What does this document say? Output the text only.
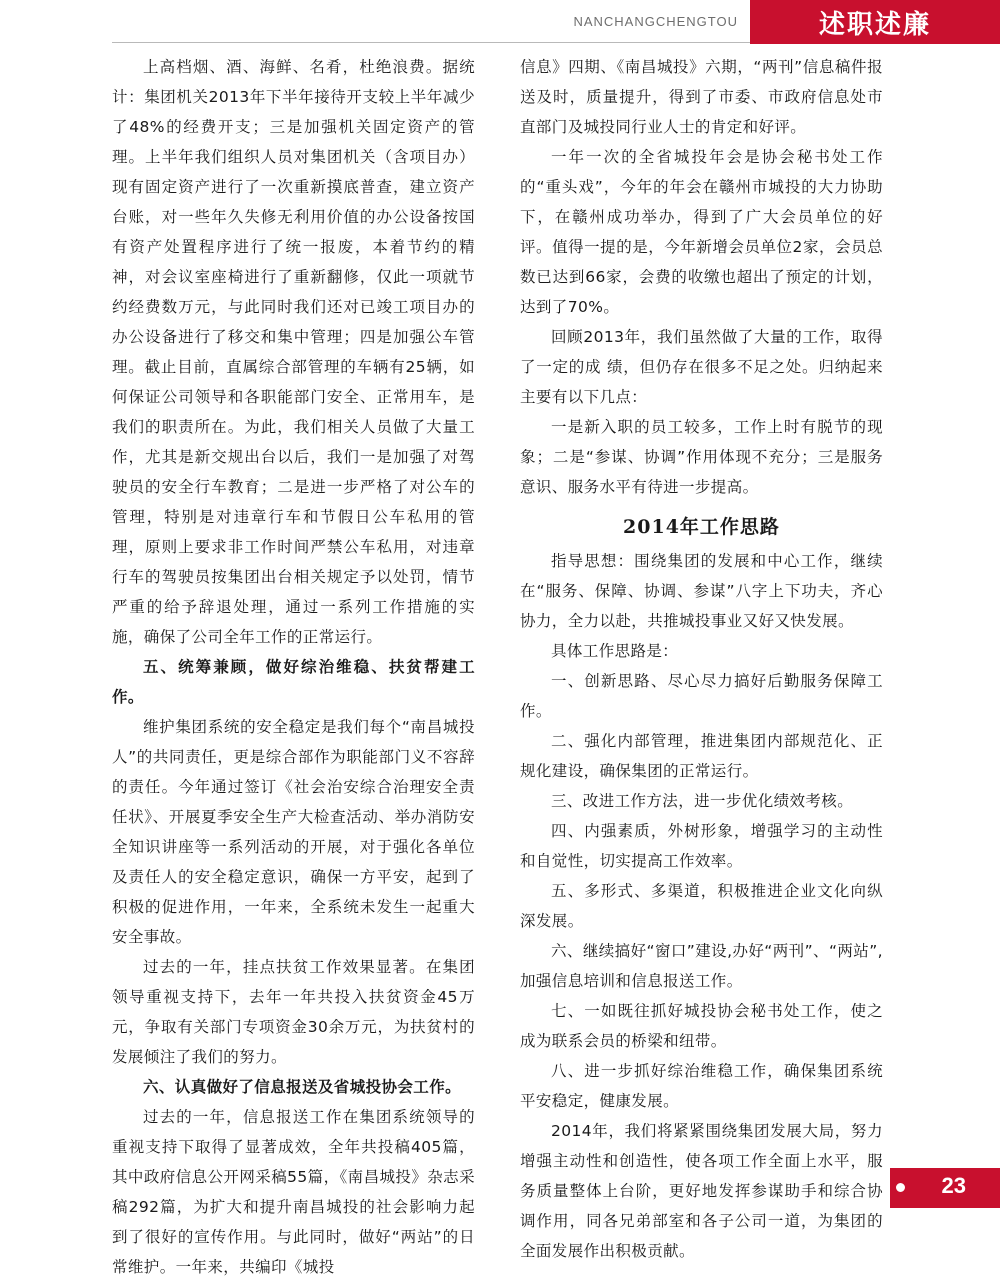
NANCHANGCHENGTOU	述职述廉

上高档烟、酒、海鲜、名肴，杜绝浪费。据统计：集团机关2013年下半年接待开支较上半年减少了48%的经费开支；三是加强机关固定资产的管理。上半年我们组织人员对集团机关（含项目办）现有固定资产进行了一次重新摸底普查，建立资产台账，对一些年久失修无利用价值的办公设备按国有资产处置程序进行了统一报废，本着节约的精神，对会议室座椅进行了重新翻修，仅此一项就节约经费数万元，与此同时我们还对已竣工项目办的办公设备进行了移交和集中管理；四是加强公车管理。截止目前，直属综合部管理的车辆有25辆，如何保证公司领导和各职能部门安全、正常用车，是我们的职责所在。为此，我们相关人员做了大量工作，尤其是新交规出台以后，我们一是加强了对驾驶员的安全行车教育；二是进一步严格了对公车的管理，特别是对违章行车和节假日公车私用的管理，原则上要求非工作时间严禁公车私用，对违章行车的驾驶员按集团出台相关规定予以处罚，情节严重的给予辞退处理，通过一系列工作措施的实施，确保了公司全年工作的正常运行。

五、统筹兼顾，做好综治维稳、扶贫帮建工作。

维护集团系统的安全稳定是我们每个“南昌城投人”的共同责任，更是综合部作为职能部门义不容辞的责任。今年通过签订《社会治安综合治理安全责任状》、开展夏季安全生产大检查活动、举办消防安全知识讲座等一系列活动的开展，对于强化各单位及责任人的安全稳定意识，确保一方平安，起到了积极的促进作用，一年来，全系统未发生一起重大安全事故。

过去的一年，挂点扶贫工作效果显著。在集团领导重视支持下，去年一年共投入扶贫资金45万元，争取有关部门专项资金30余万元，为扶贫村的发展倾注了我们的努力。

六、认真做好了信息报送及省城投协会工作。

过去的一年，信息报送工作在集团系统领导的重视支持下取得了显著成效，全年共投稿405篇，其中政府信息公开网采稿55篇，《南昌城投》杂志采稿292篇，为扩大和提升南昌城投的社会影响力起到了很好的宣传作用。与此同时，做好“两站”的日常维护。一年来，共编印《城投

信息》四期、《南昌城投》六期，“两刊”信息稿件报送及时，质量提升，得到了市委、市政府信息处市直部门及城投同行业人士的肯定和好评。

一年一次的全省城投年会是协会秘书处工作的“重头戏”，今年的年会在赣州市城投的大力协助下，在赣州成功举办，得到了广大会员单位的好评。值得一提的是，今年新增会员单位2家，会员总数已达到66家，会费的收缴也超出了预定的计划，达到了70%。

回顾2013年，我们虽然做了大量的工作，取得了一定的成 绩，但仍存在很多不足之处。归纳起来主要有以下几点：

一是新入职的员工较多，工作上时有脱节的现象；二是“参谋、协调”作用体现不充分；三是服务意识、服务水平有待进一步提高。

2014年工作思路

指导思想：围绕集团的发展和中心工作，继续在“服务、保障、协调、参谋”八字上下功夫，齐心协力，全力以赴，共推城投事业又好又快发展。

具体工作思路是：

一、创新思路、尽心尽力搞好后勤服务保障工作。

二、强化内部管理，推进集团内部规范化、正规化建设，确保集团的正常运行。

三、改进工作方法，进一步优化绩效考核。

四、内强素质，外树形象，增强学习的主动性和自觉性，切实提高工作效率。

五、多形式、多渠道，积极推进企业文化向纵深发展。

六、继续搞好“窗口”建设,办好“两刊”、“两站”,加强信息培训和信息报送工作。

七、一如既往抓好城投协会秘书处工作，使之成为联系会员的桥梁和纽带。

八、进一步抓好综治维稳工作，确保集团系统平安稳定，健康发展。

2014年，我们将紧紧围绕集团发展大局，努力增强主动性和创造性，使各项工作全面上水平，服务质量整体上台阶，更好地发挥参谋助手和综合协调作用，同各兄弟部室和各子公司一道，为集团的全面发展作出积极贡献。

23
